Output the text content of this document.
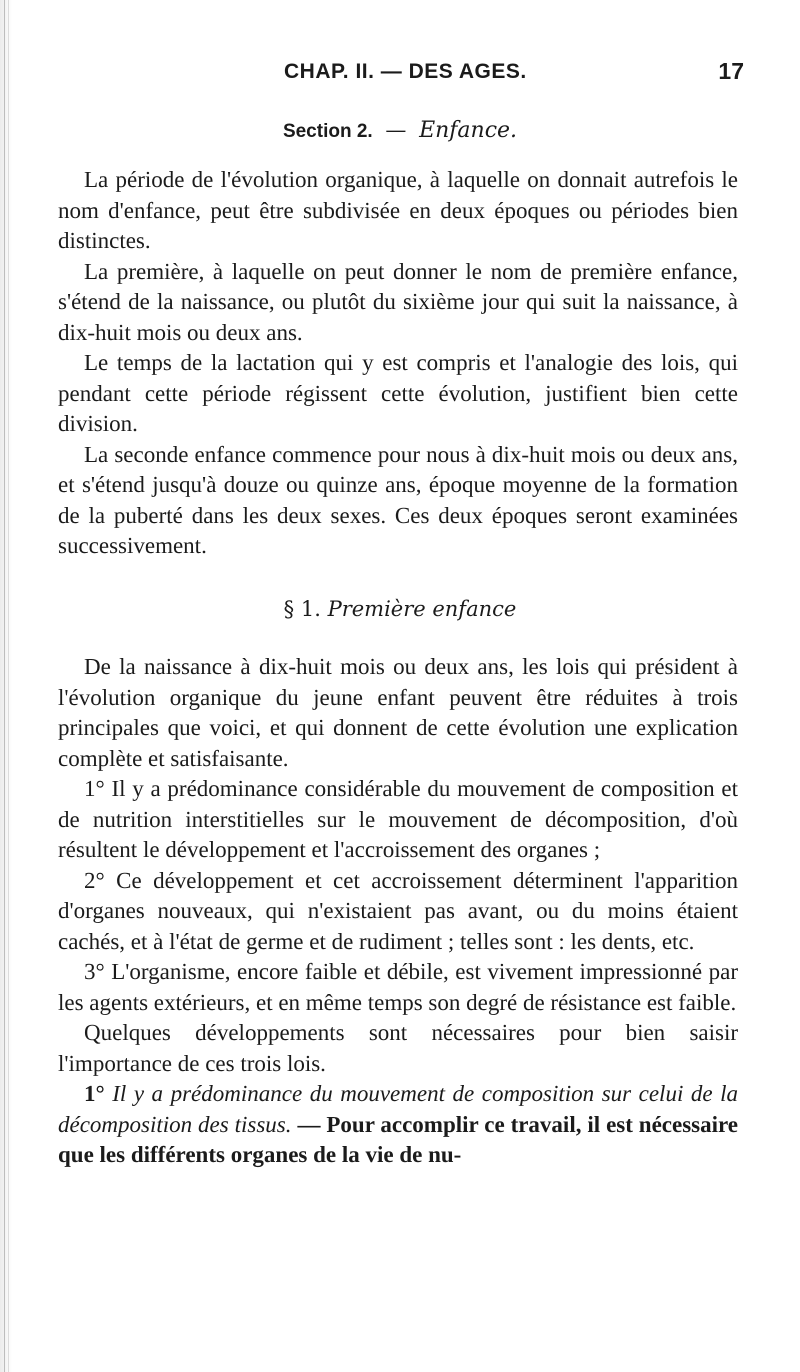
CHAP. II. — DES AGES.	17
Section 2. — Enfance.

La période de l'évolution organique, à laquelle on donnait autrefois le nom d'enfance, peut être subdivisée en deux époques ou périodes bien distinctes.

La première, à laquelle on peut donner le nom de première enfance, s'étend de la naissance, ou plutôt du sixième jour qui suit la naissance, à dix-huit mois ou deux ans.

Le temps de la lactation qui y est compris et l'analogie des lois, qui pendant cette période régissent cette évolution, justifient bien cette division.

La seconde enfance commence pour nous à dix-huit mois ou deux ans, et s'étend jusqu'à douze ou quinze ans, époque moyenne de la formation de la puberté dans les deux sexes. Ces deux époques seront examinées successivement.

§ 1. Première enfance

De la naissance à dix-huit mois ou deux ans, les lois qui président à l'évolution organique du jeune enfant peuvent être réduites à trois principales que voici, et qui donnent de cette évolution une explication complète et satisfaisante.

1° Il y a prédominance considérable du mouvement de composition et de nutrition interstitielles sur le mouvement de décomposition, d'où résultent le développement et l'accroissement des organes ;

2° Ce développement et cet accroissement déterminent l'apparition d'organes nouveaux, qui n'existaient pas avant, ou du moins étaient cachés, et à l'état de germe et de rudiment ; telles sont : les dents, etc.

3° L'organisme, encore faible et débile, est vivement impressionné par les agents extérieurs, et en même temps son degré de résistance est faible.

Quelques développements sont nécessaires pour bien saisir l'importance de ces trois lois.

1° Il y a prédominance du mouvement de composition sur celui de la décomposition des tissus. — Pour accomplir ce travail, il est nécessaire que les différents organes de la vie de nu-
